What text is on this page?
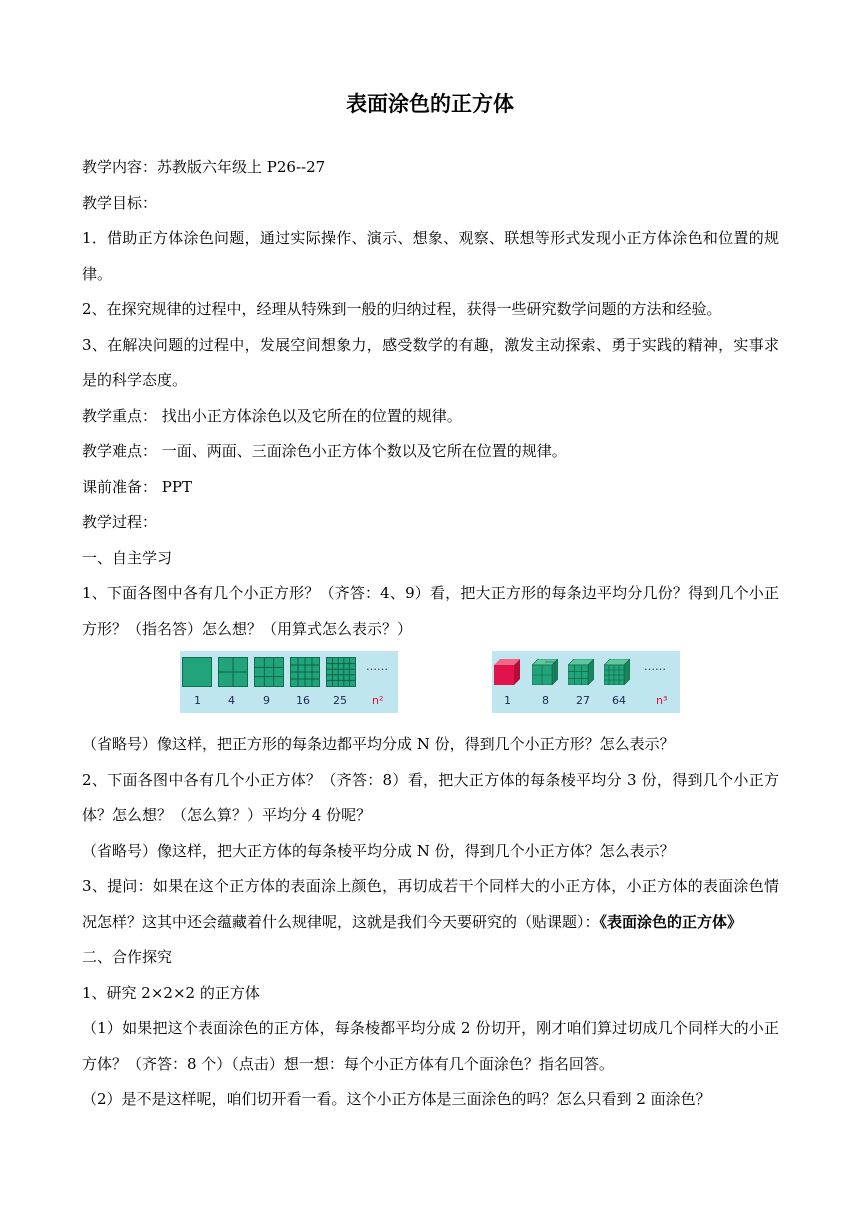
表面涂色的正方体

教学内容：苏教版六年级上 P26--27

教学目标：

1．借助正方体涂色问题，通过实际操作、演示、想象、观察、联想等形式发现小正方体涂色和位置的规律。

2、在探究规律的过程中，经理从特殊到一般的归纳过程，获得一些研究数学问题的方法和经验。

3、在解决问题的过程中，发展空间想象力，感受数学的有趣，激发主动探索、勇于实践的精神，实事求是的科学态度。

教学重点： 找出小正方体涂色以及它所在的位置的规律。

教学难点： 一面、两面、三面涂色小正方体个数以及它所在位置的规律。

课前准备： PPT

教学过程：

一、自主学习

1、下面各图中各有几个小正方形？（齐答：4、9）看，把大正方形的每条边平均分几份？得到几个小正方形？（指名答）怎么想？（用算式怎么表示？）

……
1 4	9 16 25 n²
……
1	8 27 64	n³

（省略号）像这样，把正方形的每条边都平均分成 N 份，得到几个小正方形？怎么表示？

2、下面各图中各有几个小正方体？（齐答：8）看，把大正方体的每条棱平均分 3 份，得到几个小正方体？怎么想？（怎么算？）平均分 4 份呢？

（省略号）像这样，把大正方体的每条棱平均分成 N 份，得到几个小正方体？怎么表示？

3、提问：如果在这个正方体的表面涂上颜色，再切成若干个同样大的小正方体，小正方体的表面涂色情况怎样？这其中还会蕴藏着什么规律呢，这就是我们今天要研究的（贴课题）：《表面涂色的正方体》

二、合作探究

1、研究 2×2×2 的正方体

（1）如果把这个表面涂色的正方体，每条棱都平均分成 2 份切开，刚才咱们算过切成几个同样大的小正方体？（齐答：8 个）（点击）想一想：每个小正方体有几个面涂色？指名回答。

（2）是不是这样呢，咱们切开看一看。这个小正方体是三面涂色的吗？怎么只看到 2 面涂色？
